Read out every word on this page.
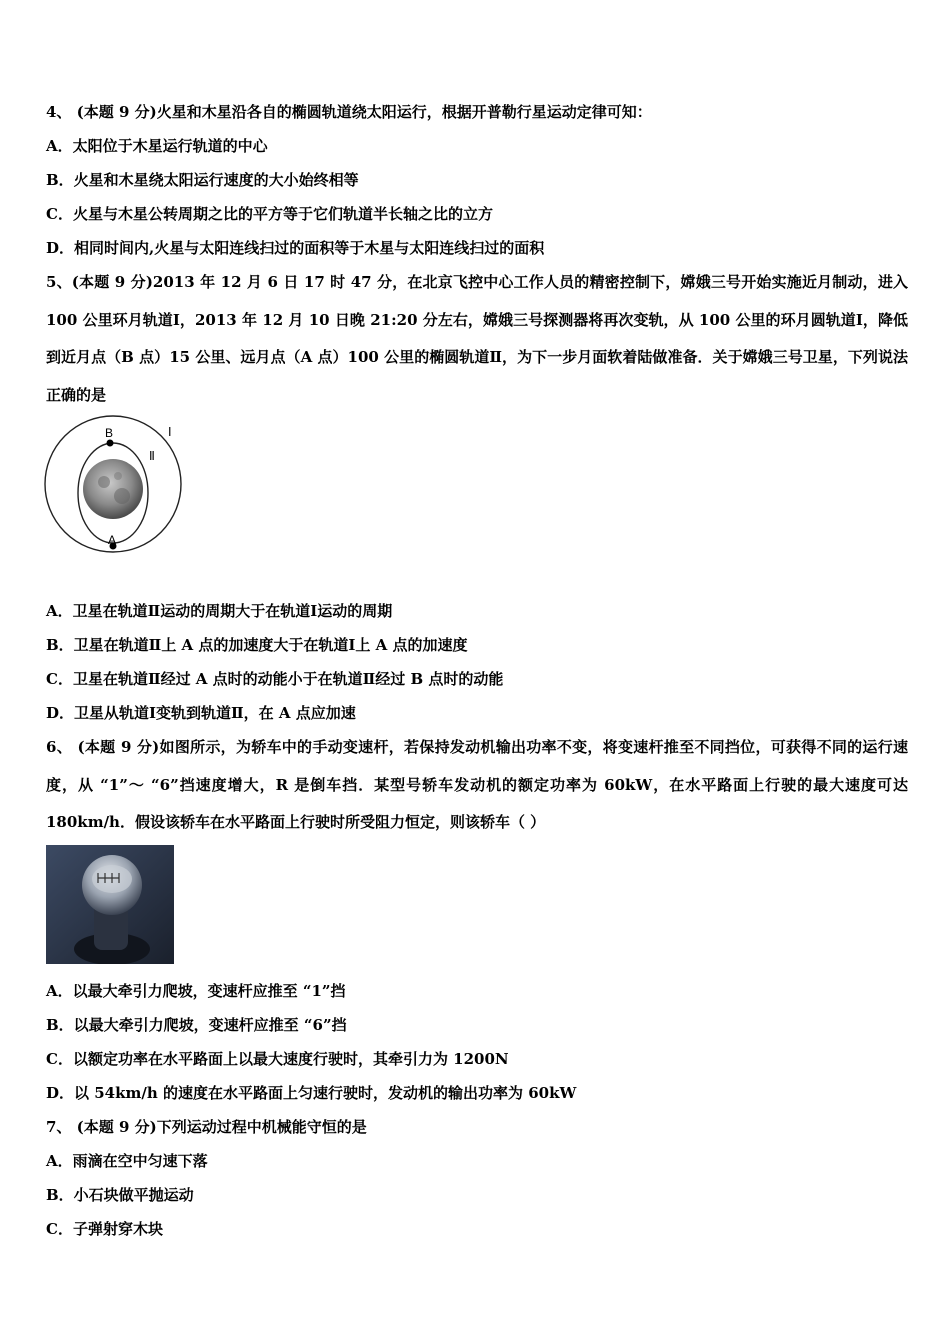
4、 (本题 9 分)火星和木星沿各自的椭圆轨道绕太阳运行，根据开普勒行星运动定律可知：
A．太阳位于木星运行轨道的中心
B．火星和木星绕太阳运行速度的大小始终相等
C．火星与木星公转周期之比的平方等于它们轨道半长轴之比的立方
D．相同时间内,火星与太阳连线扫过的面积等于木星与太阳连线扫过的面积
5、(本题 9 分)2013 年 12 月 6 日 17 时 47 分，在北京飞控中心工作人员的精密控制下，嫦娥三号开始实施近月制动，进入 100 公里环月轨道Ⅰ，2013 年 12 月 10 日晚 21:20 分左右，嫦娥三号探测器将再次变轨，从 100 公里的环月圆轨道Ⅰ，降低到近月点（B 点）15 公里、远月点（A 点）100 公里的椭圆轨道Ⅱ，为下一步月面软着陆做准备．关于嫦娥三号卫星，下列说法正确的是
B
A
Ⅰ
Ⅱ
A．卫星在轨道Ⅱ运动的周期大于在轨道Ⅰ运动的周期
B．卫星在轨道Ⅱ上 A 点的加速度大于在轨道Ⅰ上 A 点的加速度
C．卫星在轨道Ⅱ经过 A 点时的动能小于在轨道Ⅱ经过 B 点时的动能
D．卫星从轨道Ⅰ变轨到轨道Ⅱ，在 A 点应加速
6、 (本题 9 分)如图所示，为轿车中的手动变速杆，若保持发动机输出功率不变，将变速杆推至不同挡位，可获得不同的运行速度，从 “1”～ “6”挡速度增大，R 是倒车挡．某型号轿车发动机的额定功率为 60kW，在水平路面上行驶的最大速度可达 180km/h．假设该轿车在水平路面上行驶时所受阻力恒定，则该轿车（ ）
A．以最大牵引力爬坡，变速杆应推至 “1”挡
B．以最大牵引力爬坡，变速杆应推至 “6”挡
C．以额定功率在水平路面上以最大速度行驶时，其牵引力为 1200N
D．以 54km/h 的速度在水平路面上匀速行驶时，发动机的输出功率为 60kW
7、 (本题 9 分)下列运动过程中机械能守恒的是
A．雨滴在空中匀速下落
B．小石块做平抛运动
C．子弹射穿木块
